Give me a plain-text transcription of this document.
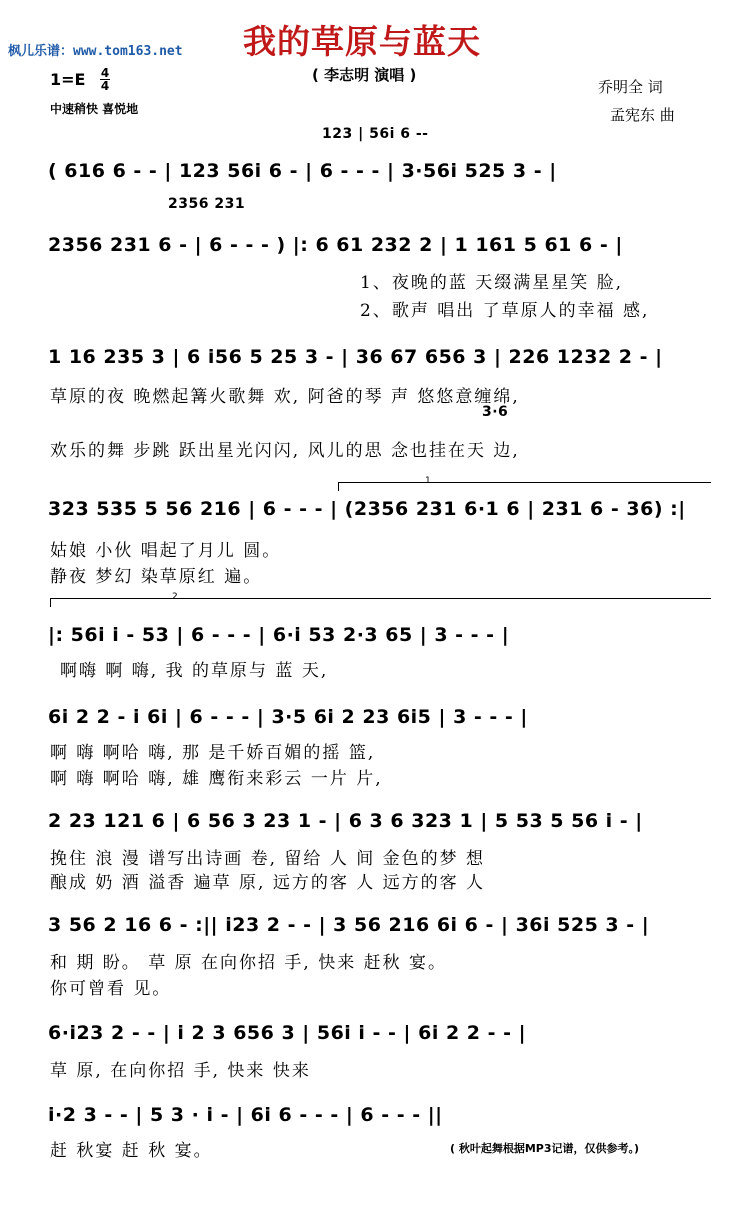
枫儿乐谱：www.tom163.net 我的草原与蓝天
( 李志明 演唱 )
1=E 4
4
中速稍快 喜悦地
乔明全 词
孟宪东 曲
123 | 56i 6 --
( 616 6 - - | 123 56i 6 - | 6 - - - | 3·56i 525 3 - |
2356 231
2356 231 6 - | 6 - - - ) |: 6 61 232 2 | 1 161 5 61 6 - |
1、夜晚的蓝 天缀满星星笑 脸,
2、歌声 唱出 了草原人的幸福 感,
1 16 235 3 | 6 i56 5 25 3 - | 36 67 656 3 | 226 1232 2 - |
草原的夜 晚燃起篝火歌舞 欢, 阿爸的琴 声 悠悠意缠绵,
3·6
欢乐的舞 步跳 跃出星光闪闪, 风儿的思 念也挂在天 边,
1
323 535 5 56 216 | 6 - - - | (2356 231 6·1 6 | 231 6 - 36) :|
姑娘 小伙 唱起了月儿 圆。
静夜 梦幻 染草原红 遍。
2
|: 56i i - 53 | 6 - - - | 6·i 53 2·3 65 | 3 - - - |
啊嗨 啊 嗨, 我 的草原与 蓝 天,
6i 2 2 - i 6i | 6 - - - | 3·5 6i 2 23 6i5 | 3 - - - |
啊 嗨 啊哈 嗨, 那 是千娇百媚的摇 篮,
啊 嗨 啊哈 嗨, 雄 鹰衔来彩云 一片 片,
2 23 121 6 | 6 56 3 23 1 - | 6 3 6 323 1 | 5 53 5 56 i - |
挽住 浪 漫 谱写出诗画 卷, 留给 人 间 金色的梦 想
酿成 奶 酒 溢香 遍草 原, 远方的客 人 远方的客 人
3 56 2 16 6 - :|| i23 2 - - | 3 56 216 6i 6 - | 36i 525 3 - |
和 期 盼。 草 原 在向你招 手, 快来 赶秋 宴。
你可曾看 见。
6·i23 2 - - | i 2 3 656 3 | 56i i - - | 6i 2 2 - - |
草 原, 在向你招 手, 快来 快来
i·2 3 - - | 5 3 · i - | 6i 6 - - - | 6 - - - ||
赶 秋宴 赶 秋 宴。	( 秋叶起舞根据MP3记谱，仅供参考。)
